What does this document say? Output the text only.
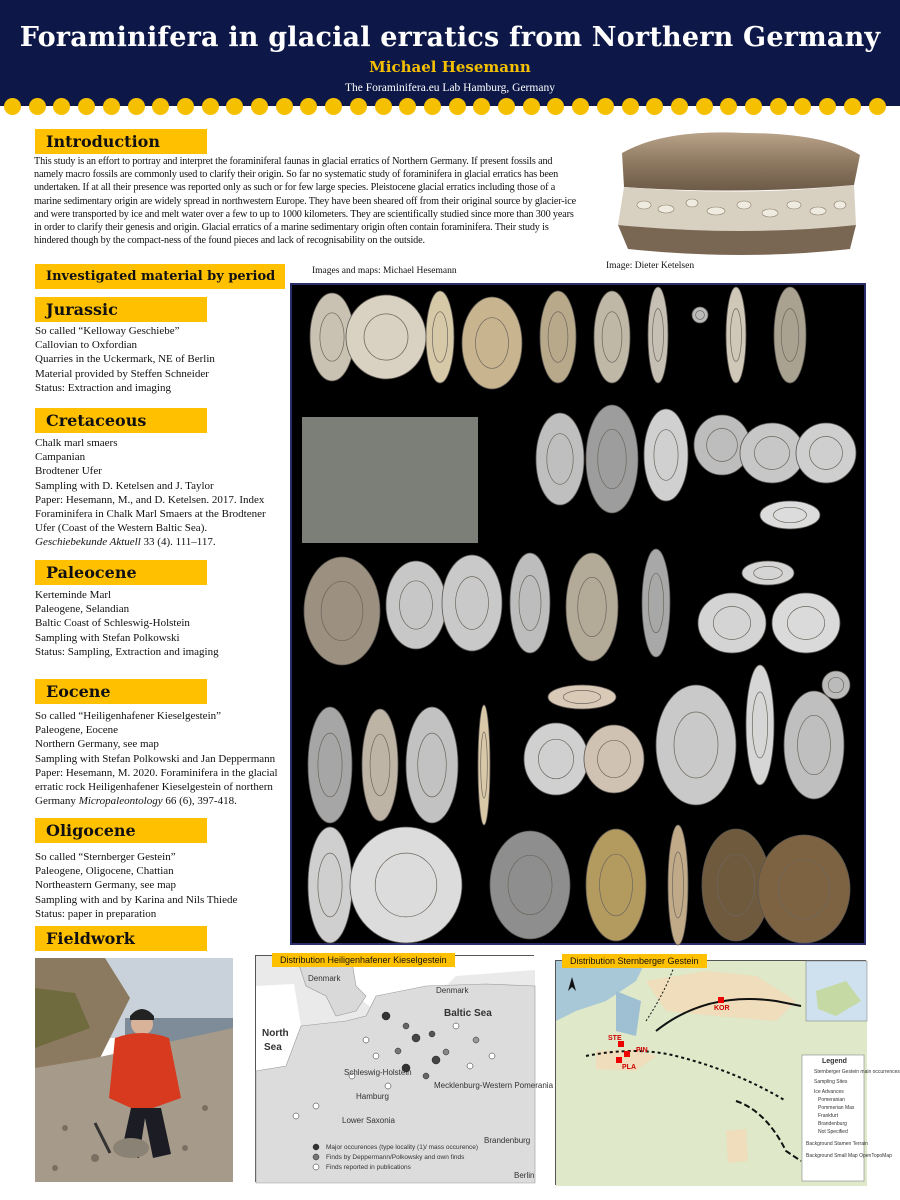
Foraminifera in glacial erratics from Northern Germany
Michael Hesemann
The Foraminifera.eu Lab Hamburg, Germany
Introduction
This study is an effort to portray and interpret the foraminiferal faunas in glacial erratics of Northern Germany. If present fossils and namely macro fossils are commonly used to clarify their origin. So far no systematic study of foraminifera in glacial erratics has been undertaken. If at all their presence was reported only as such or for few large species. Pleistocene glacial erratics including those of a marine sedimentary origin are widely spread in northwestern Europe. They have been sheared off from their original source by glacier-ice and were transported by ice and melt water over a few to up to 1000 kilometers. They are scientifically studied since more than 300 years in order to clarify their genesis and origin. Glacial erratics of a marine sedimentary origin often contain foraminifera. Their study is hindered though by the compact-ness of the found pieces and lack of recognisability on the outside.
Image: Dieter Ketelsen
Investigated material by period	Images and maps: Michael Hesemann
Jurassic
So called “Kelloway Geschiebe”
Callovian to Oxfordian
Quarries in the Uckermark, NE of Berlin
Material provided by Steffen Schneider
Status: Extraction and imaging
Cretaceous
Chalk marl smaers
Campanian
Brodtener Ufer
Sampling with D. Ketelsen and J. Taylor
Paper: Hesemann, M., and D. Ketelsen. 2017. Index Foraminifera in Chalk Marl Smaers at the Brodtener Ufer (Coast of the Western Baltic Sea).
Geschiebekunde Aktuell 33 (4). 111–117.
Paleocene
Kerteminde Marl
Paleogene, Selandian
Baltic Coast of Schleswig-Holstein
Sampling with Stefan Polkowski
Status: Sampling, Extraction and imaging
Eocene
So called “Heiligenhafener Kieselgestein”
Paleogene, Eocene
Northern Germany, see map
Sampling with Stefan Polkowski and Jan Deppermann
Paper: Hesemann, M. 2020. Foraminifera in the glacial erratic rock Heiligenhafener Kieselgestein of northern Germany Micropaleontology 66 (6), 397-418.
Oligocene
So called “Sternberger Gestein”
Paleogene, Oligocene, Chattian
Northeastern Germany, see map
Sampling with and by Karina and Nils Thiede
Status: paper in preparation
Fieldwork
Denmark
Denmark
Baltic Sea
North
Sea
Schleswig-Holstein
Hamburg
Lower Saxonia
Mecklenburg-Western Pomerania
Brandenburg
Berlin
Major occurences (type locality (1)/ mass occurence)
Finds by Deppermann/Polkowsky and own finds
Finds reported in publications
Distribution Heiligenhafener Kieselgestein
KOR
STE
PIN
PLA
Legend
Sternberger Gestein main occurrences
Sampling Sites
Ice Advances
Pomeranian
Pommerian Max
Frankfurt
Brandenburg
Not Specified
Background Stamen Terrain
Background Small Map OpenTopoMap
Distribution Sternberger Gestein
